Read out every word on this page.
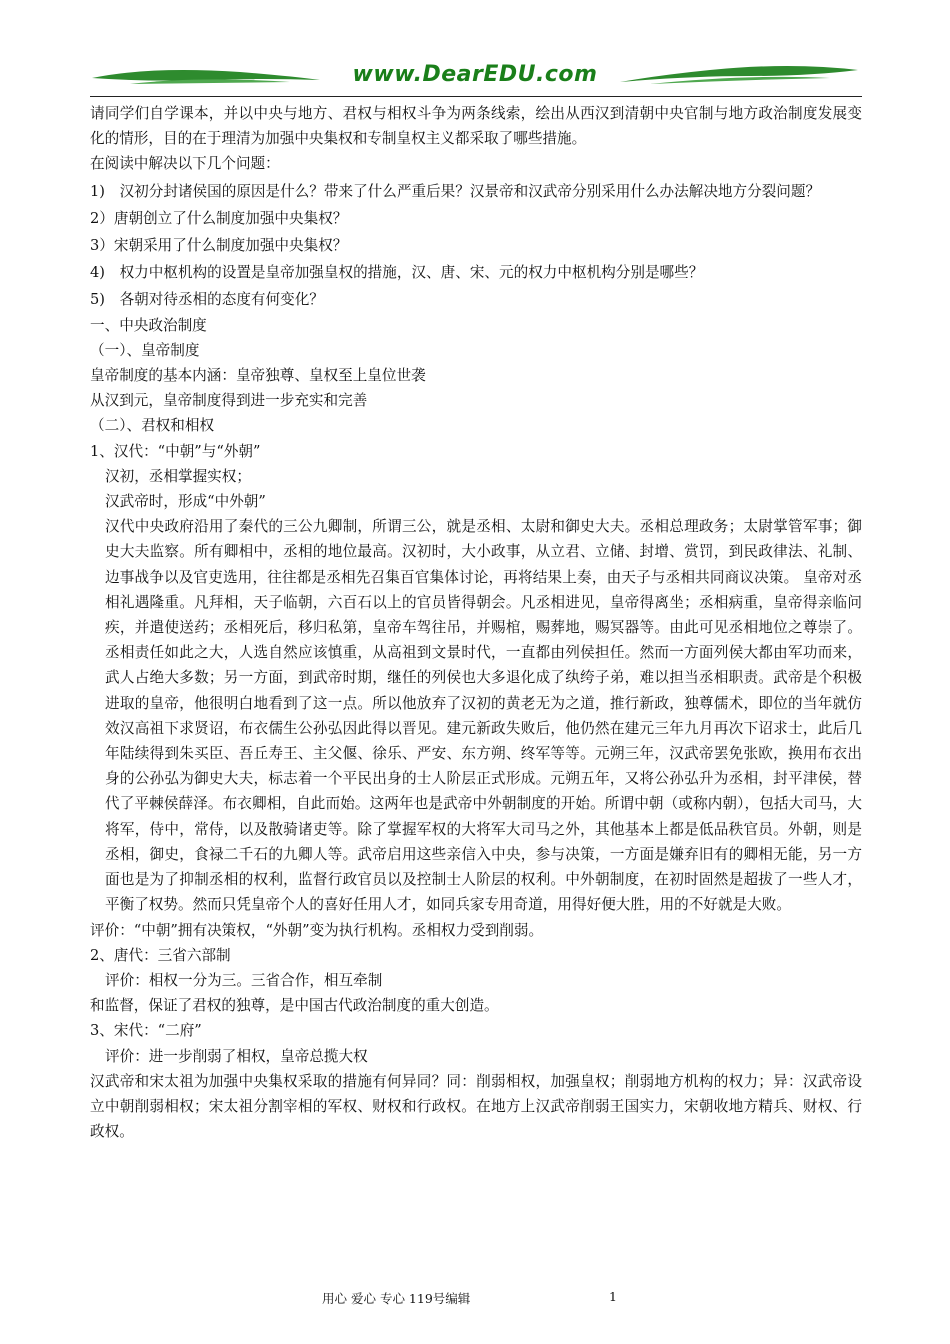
www.DearEDU.com

请同学们自学课本，并以中央与地方、君权与相权斗争为两条线索，绘出从西汉到清朝中央官制与地方政治制度发展变化的情形，目的在于理清为加强中央集权和专制皇权主义都采取了哪些措施。

在阅读中解决以下几个问题：

1)　汉初分封诸侯国的原因是什么？带来了什么严重后果？汉景帝和汉武帝分别采用什么办法解决地方分裂问题？

2）唐朝创立了什么制度加强中央集权？

3）宋朝采用了什么制度加强中央集权？

4)　权力中枢机构的设置是皇帝加强皇权的措施，汉、唐、宋、元的权力中枢机构分别是哪些？

5)　各朝对待丞相的态度有何变化？

一、中央政治制度

（一）、皇帝制度

皇帝制度的基本内涵：皇帝独尊、皇权至上皇位世袭

从汉到元，皇帝制度得到进一步充实和完善

（二）、君权和相权

1、汉代：“中朝”与“外朝”

汉初，丞相掌握实权；

汉武帝时，形成“中外朝”

汉代中央政府沿用了秦代的三公九卿制，所谓三公，就是丞相、太尉和御史大夫。丞相总理政务；太尉掌管军事；御史大夫监察。所有卿相中，丞相的地位最高。汉初时，大小政事，从立君、立储、封增、赏罚，到民政律法、礼制、边事战争以及官吏选用，往往都是丞相先召集百官集体讨论，再将结果上奏，由天子与丞相共同商议决策。 皇帝对丞相礼遇隆重。凡拜相，天子临朝，六百石以上的官员皆得朝会。凡丞相进见，皇帝得离坐；丞相病重，皇帝得亲临问疾，并遣使送药；丞相死后，移归私第，皇帝车驾往吊，并赐棺，赐葬地，赐冥器等。由此可见丞相地位之尊崇了。丞相责任如此之大，人选自然应该慎重，从高祖到文景时代，一直都由列侯担任。然而一方面列侯大都由军功而来，武人占绝大多数；另一方面，到武帝时期，继任的列侯也大多退化成了纨绔子弟，难以担当丞相职责。武帝是个积极进取的皇帝，他很明白地看到了这一点。所以他放弃了汉初的黄老无为之道，推行新政，独尊儒术，即位的当年就仿效汉高祖下求贤诏，布衣儒生公孙弘因此得以晋见。建元新政失败后，他仍然在建元三年九月再次下诏求士，此后几年陆续得到朱买臣、吾丘寿王、主父偃、徐乐、严安、东方朔、终军等等。元朔三年，汉武帝罢免张欧，换用布衣出身的公孙弘为御史大夫，标志着一个平民出身的士人阶层正式形成。元朔五年，又将公孙弘升为丞相，封平津侯，替代了平棘侯薛泽。布衣卿相，自此而始。这两年也是武帝中外朝制度的开始。所谓中朝（或称内朝），包括大司马，大将军，侍中，常侍，以及散骑诸吏等。除了掌握军权的大将军大司马之外，其他基本上都是低品秩官员。外朝，则是丞相，御史，食禄二千石的九卿人等。武帝启用这些亲信入中央，参与决策，一方面是嫌弃旧有的卿相无能，另一方面也是为了抑制丞相的权利，监督行政官员以及控制士人阶层的权利。中外朝制度，在初时固然是超拔了一些人才，平衡了权势。然而只凭皇帝个人的喜好任用人才，如同兵家专用奇道，用得好便大胜，用的不好就是大败。

评价：“中朝”拥有决策权，“外朝”变为执行机构。丞相权力受到削弱。

2、唐代：三省六部制

评价：相权一分为三。三省合作，相互牵制

和监督，保证了君权的独尊，是中国古代政治制度的重大创造。

3、宋代：“二府”

评价：进一步削弱了相权，皇帝总揽大权

汉武帝和宋太祖为加强中央集权采取的措施有何异同？同：削弱相权，加强皇权；削弱地方机构的权力；异：汉武帝设立中朝削弱相权；宋太祖分割宰相的军权、财权和行政权。在地方上汉武帝削弱王国实力，宋朝收地方精兵、财权、行政权。

用心 爱心 专心 119号编辑	1
